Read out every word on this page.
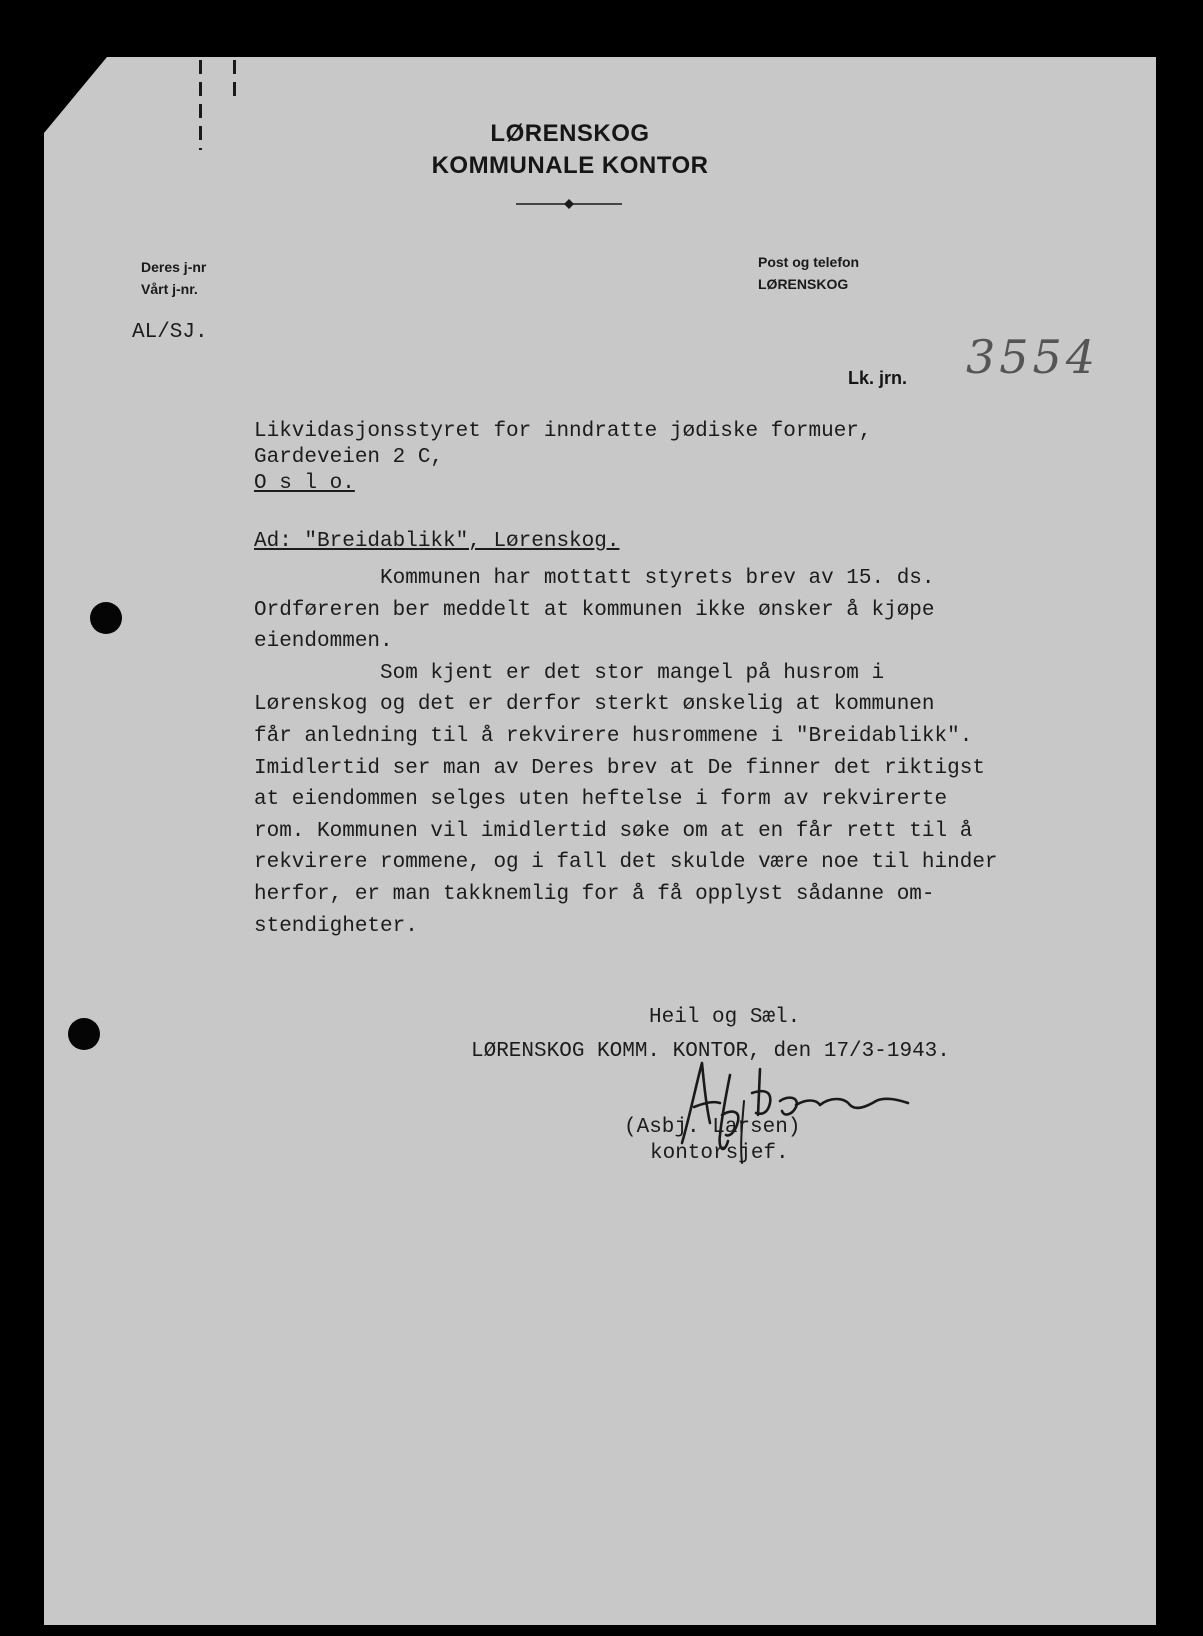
LØRENSKOG
KOMMUNALE KONTOR
Deres j-nr
Vårt j-nr.
AL/SJ.
Post og telefon
LØRENSKOG
Lk. jrn. 3554
Likvidasjonsstyret for inndratte jødiske formuer,
Gardeveien 2 C,
O s l o.
Ad: "Breidablikk", Lørenskog.
Kommunen har mottatt styrets brev av 15. ds.
Ordføreren ber meddelt at kommunen ikke ønsker å kjøpe
eiendommen.
Som kjent er det stor mangel på husrom i
Lørenskog og det er derfor sterkt ønskelig at kommunen
får anledning til å rekvirere husrommene i "Breidablikk".
Imidlertid ser man av Deres brev at De finner det riktigst
at eiendommen selges uten heftelse i form av rekvirerte
rom. Kommunen vil imidlertid søke om at en får rett til å
rekvirere rommene, og i fall det skulde være noe til hinder
herfor, er man takknemlig for å få opplyst sådanne om-
stendigheter.
Heil og Sæl.
LØRENSKOG KOMM. KONTOR, den 17/3-1943.
(Asbj. Larsen)
kontorsjef.
